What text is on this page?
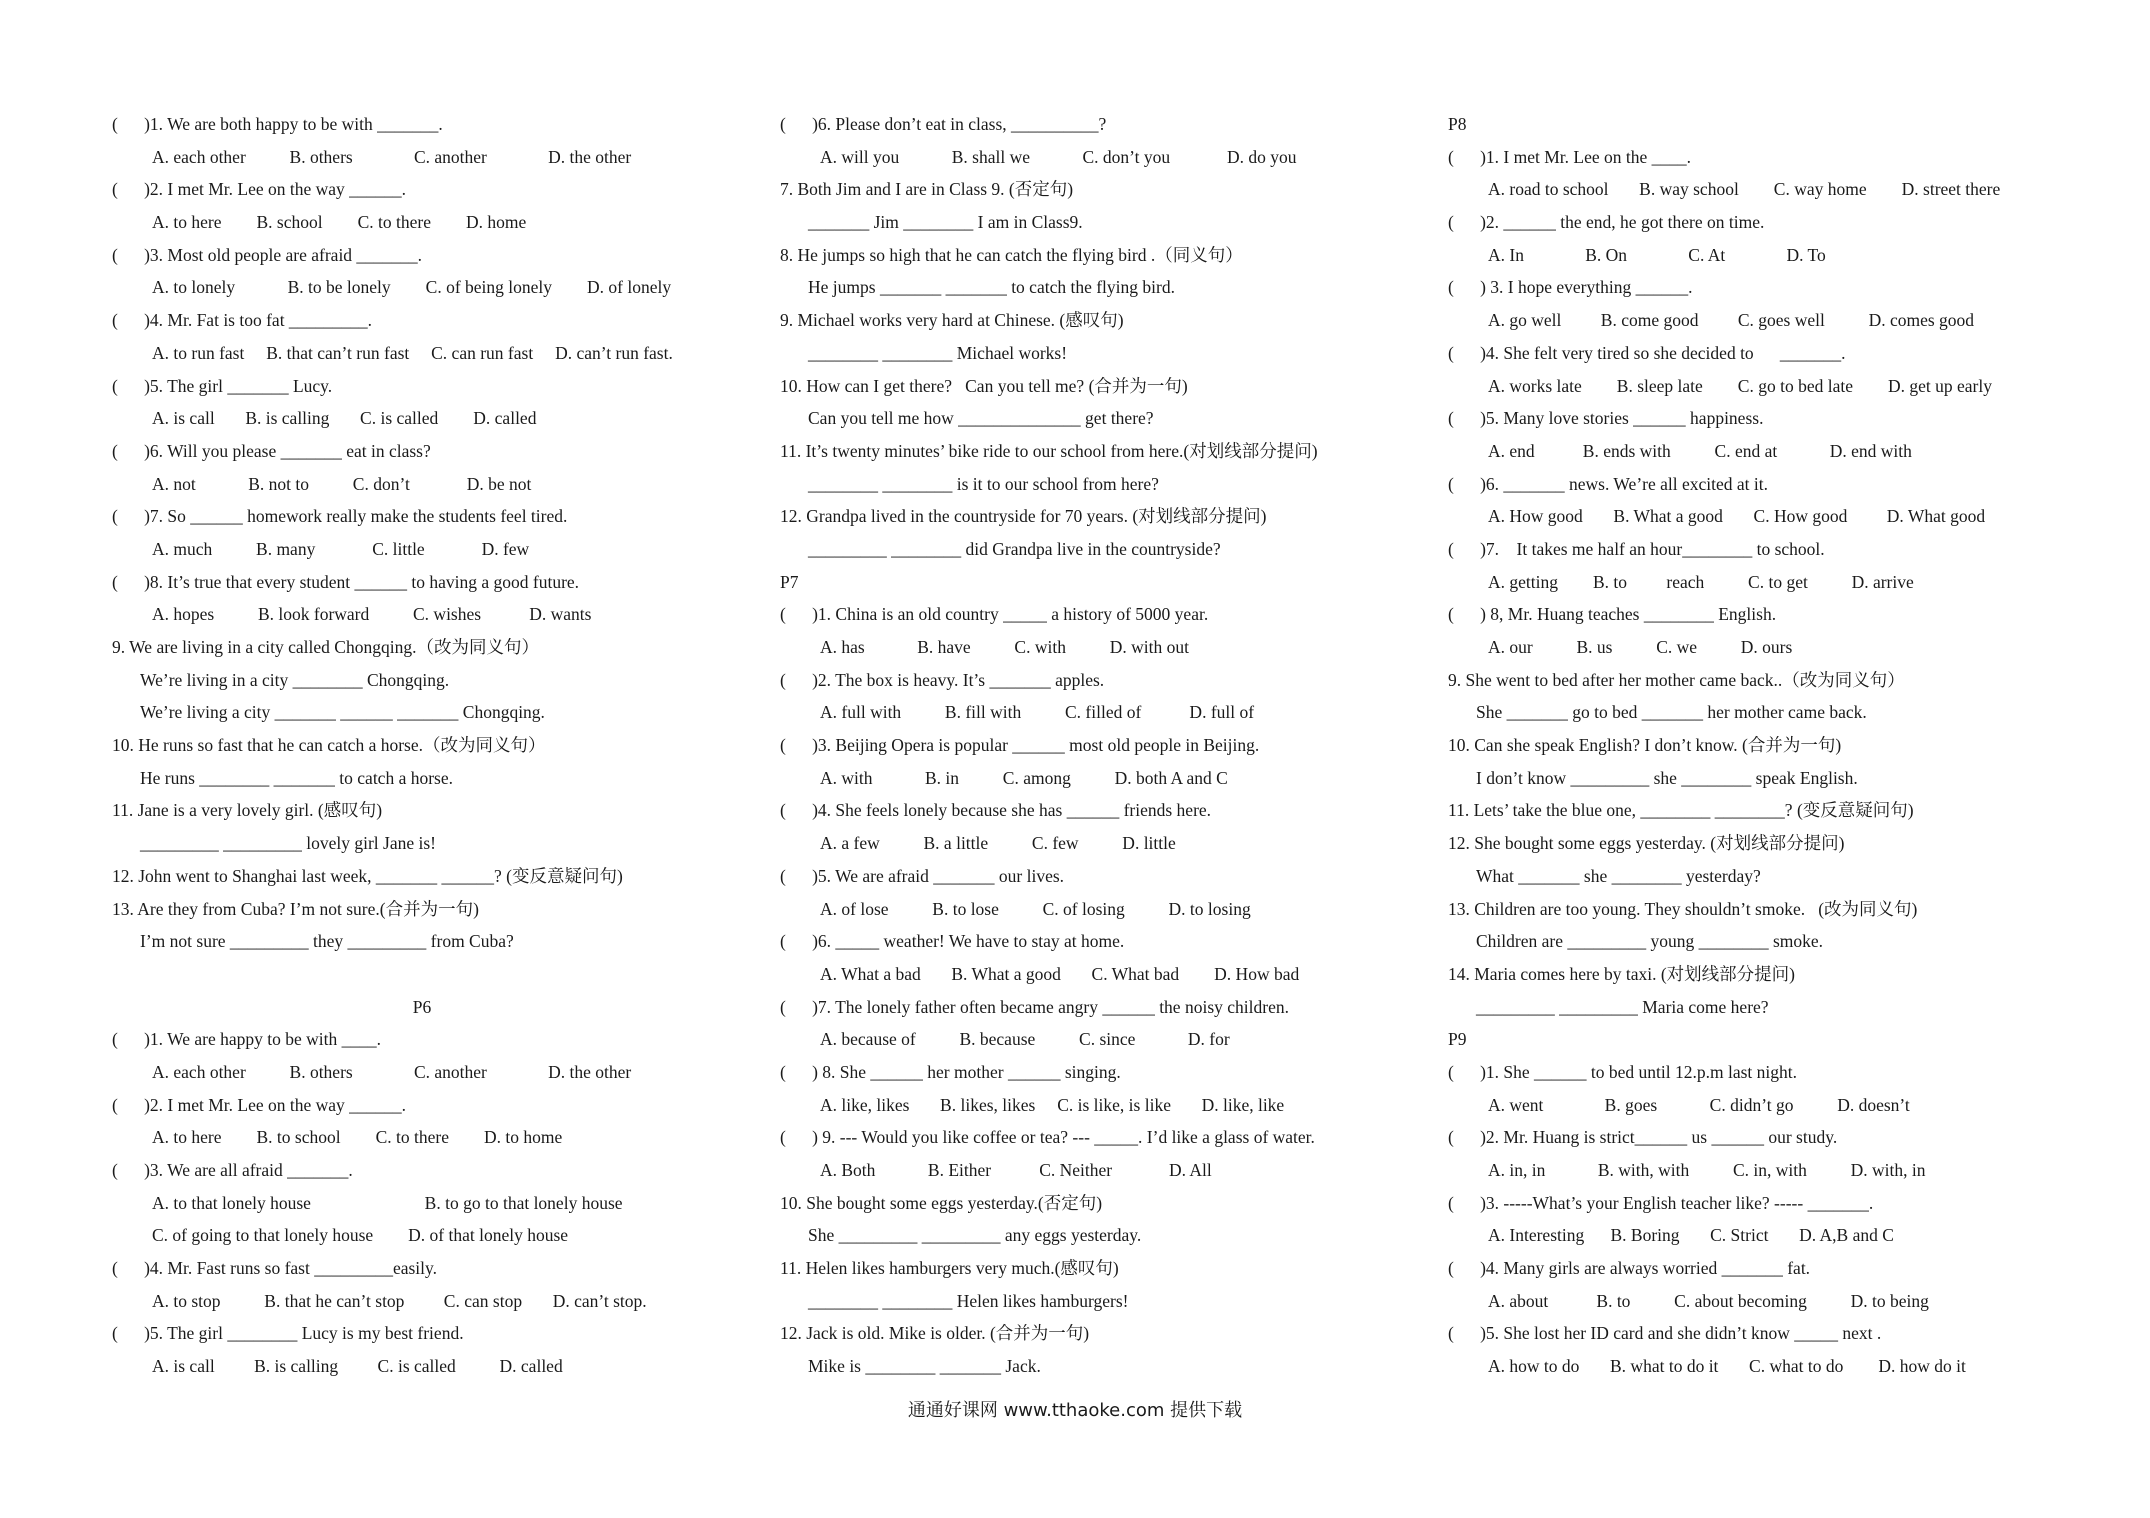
(      )1. We are both happy to be with _______.
A. each other          B. others              C. another              D. the other
(      )2. I met Mr. Lee on the way ______.
A. to here        B. school        C. to there        D. home
(      )3. Most old people are afraid _______.
A. to lonely            B. to be lonely        C. of being lonely        D. of lonely
(      )4. Mr. Fat is too fat _________.
A. to run fast     B. that can’t run fast     C. can run fast     D. can’t run fast.
(      )5. The girl _______ Lucy.
A. is call       B. is calling       C. is called        D. called
(      )6. Will you please _______ eat in class?
A. not            B. not to          C. don’t             D. be not
(      )7. So ______ homework really make the students feel tired.
A. much          B. many             C. little             D. few
(      )8. It’s true that every student ______ to having a good future.
A. hopes          B. look forward          C. wishes           D. wants
9. We are living in a city called Chongqing.（改为同义句）
We’re living in a city ________ Chongqing.
We’re living a city _______ ______ _______ Chongqing.
10. He runs so fast that he can catch a horse.（改为同义句）
He runs ________ _______ to catch a horse.
11. Jane is a very lovely girl. (感叹句)
_________ _________ lovely girl Jane is!
12. John went to Shanghai last week, _______ ______? (变反意疑问句)
13. Are they from Cuba? I’m not sure.(合并为一句)
I’m not sure _________ they _________ from Cuba?
P6
(      )1. We are happy to be with ____.
A. each other          B. others              C. another              D. the other
(      )2. I met Mr. Lee on the way ______.
A. to here        B. to school        C. to there        D. to home
(      )3. We are all afraid _______.
A. to that lonely house                          B. to go to that lonely house
C. of going to that lonely house        D. of that lonely house
(      )4. Mr. Fast runs so fast _________easily.
A. to stop          B. that he can’t stop         C. can stop       D. can’t stop.
(      )5. The girl ________ Lucy is my best friend.
A. is call         B. is calling         C. is called          D. called
(      )6. Please don’t eat in class, __________?
A. will you            B. shall we            C. don’t you             D. do you
7. Both Jim and I are in Class 9. (否定句)
_______ Jim ________ I am in Class9.
8. He jumps so high that he can catch the flying bird .（同义句）
He jumps _______ _______ to catch the flying bird.
9. Michael works very hard at Chinese. (感叹句)
________ ________ Michael works!
10. How can I get there?   Can you tell me? (合并为一句)
Can you tell me how ______________ get there?
11. It’s twenty minutes’ bike ride to our school from here.(对划线部分提问)
________ ________ is it to our school from here?
12. Grandpa lived in the countryside for 70 years. (对划线部分提问)
_________ ________ did Grandpa live in the countryside?
P7
(      )1. China is an old country _____ a history of 5000 year.
A. has            B. have          C. with          D. with out
(      )2. The box is heavy. It’s _______ apples.
A. full with          B. fill with          C. filled of           D. full of
(      )3. Beijing Opera is popular ______ most old people in Beijing.
A. with            B. in          C. among          D. both A and C
(      )4. She feels lonely because she has ______ friends here.
A. a few          B. a little          C. few          D. little
(      )5. We are afraid _______ our lives.
A. of lose          B. to lose          C. of losing          D. to losing
(      )6. _____ weather! We have to stay at home.
A. What a bad       B. What a good       C. What bad        D. How bad
(      )7. The lonely father often became angry ______ the noisy children.
A. because of          B. because          C. since            D. for
(      ) 8. She ______ her mother ______ singing.
A. like, likes       B. likes, likes     C. is like, is like       D. like, like
(      ) 9. --- Would you like coffee or tea? --- _____. I’d like a glass of water.
A. Both            B. Either           C. Neither             D. All
10. She bought some eggs yesterday.(否定句)
She _________ _________ any eggs yesterday.
11. Helen likes hamburgers very much.(感叹句)
________ ________ Helen likes hamburgers!
12. Jack is old. Mike is older. (合并为一句)
Mike is ________ _______ Jack.
P8
(      )1. I met Mr. Lee on the ____.
A. road to school       B. way school        C. way home        D. street there
(      )2. ______ the end, he got there on time.
A. In              B. On              C. At              D. To
(      ) 3. I hope everything ______.
A. go well         B. come good         C. goes well          D. comes good
(      )4. She felt very tired so she decided to      _______.
A. works late        B. sleep late        C. go to bed late        D. get up early
(      )5. Many love stories ______ happiness.
A. end           B. ends with          C. end at            D. end with
(      )6. _______ news. We’re all excited at it.
A. How good       B. What a good       C. How good         D. What good
(      )7.    It takes me half an hour________ to school.
A. getting        B. to         reach          C. to get          D. arrive
(      ) 8, Mr. Huang teaches ________ English.
A. our          B. us          C. we          D. ours
9. She went to bed after her mother came back..（改为同义句）
She _______ go to bed _______ her mother came back.
10. Can she speak English? I don’t know. (合并为一句)
I don’t know _________ she ________ speak English.
11. Lets’ take the blue one, ________ ________? (变反意疑问句)
12. She bought some eggs yesterday. (对划线部分提问)
What _______ she ________ yesterday?
13. Children are too young. They shouldn’t smoke.   (改为同义句)
Children are _________ young ________ smoke.
14. Maria comes here by taxi. (对划线部分提问)
_________ _________ Maria come here?
P9
(      )1. She ______ to bed until 12.p.m last night.
A. went              B. goes            C. didn’t go          D. doesn’t
(      )2. Mr. Huang is strict______ us ______ our study.
A. in, in            B. with, with          C. in, with          D. with, in
(      )3. -----What’s your English teacher like? ----- _______.
A. Interesting      B. Boring       C. Strict       D. A,B and C
(      )4. Many girls are always worried _______ fat.
A. about           B. to          C. about becoming          D. to being
(      )5. She lost her ID card and she didn’t know _____ next .
A. how to do       B. what to do it       C. what to do        D. how do it
通通好课网 www.tthaoke.com 提供下载
